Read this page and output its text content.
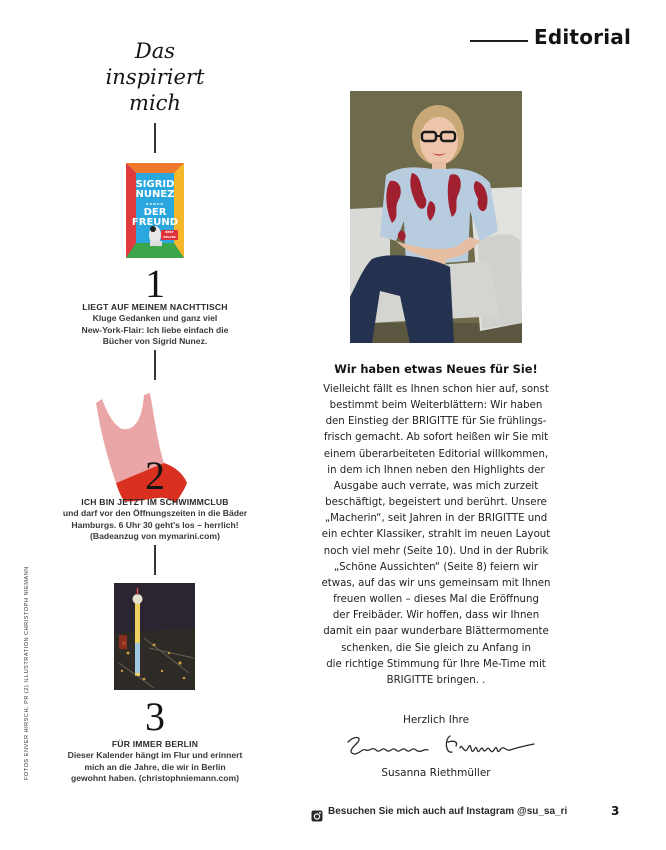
Editorial
Das
inspiriert
mich
SIGRID NUNEZ
ROMAN
DER
FREUND
BEST SELLER
1
LIEGT AUF MEINEM NACHTTISCH
Kluge Gedanken und ganz viel
New-York-Flair: Ich liebe einfach die
Bücher von Sigrid Nunez.
2
ICH BIN JETZT IM SCHWIMMCLUB
und darf vor den Öffnungszeiten in die Bäder
Hamburgs. 6 Uhr 30 geht's los – herrlich!
(Badeanzug von mymarini.com)
3
FÜR IMMER BERLIN
Dieser Kalender hängt im Flur und erinnert
mich an die Jahre, die wir in Berlin
gewohnt haben. (christophniemann.com)
FOTOS ENVER HIRSCH, PR (2) ILLUSTRATION CHRISTOPH NIEMANN
Wir haben etwas Neues für Sie!
Vielleicht fällt es Ihnen schon hier auf, sonst
bestimmt beim Weiterblättern: Wir haben
den Einstieg der BRIGITTE für Sie frühlings-
frisch gemacht. Ab sofort heißen wir Sie mit
einem überarbeiteten Editorial willkommen,
in dem ich Ihnen neben den Highlights der
Ausgabe auch verrate, was mich zurzeit
beschäftigt, begeistert und berührt. Unsere
„Macherin“, seit Jahren in der BRIGITTE und
ein echter Klassiker, strahlt im neuen Layout
noch viel mehr (Seite 10). Und in der Rubrik
„Schöne Aussichten“ (Seite 8) feiern wir
etwas, auf das wir uns gemeinsam mit Ihnen
freuen wollen – dieses Mal die Eröffnung
der Freibäder. Wir hoffen, dass wir Ihnen
damit ein paar wunderbare Blättermomente
schenken, die Sie gleich zu Anfang in
die richtige Stimmung für Ihre Me-Time mit
BRIGITTE bringen. .
Herzlich Ihre
Susanna Riethmüller
Besuchen Sie mich auch auf Instagram @su_sa_ri	3
